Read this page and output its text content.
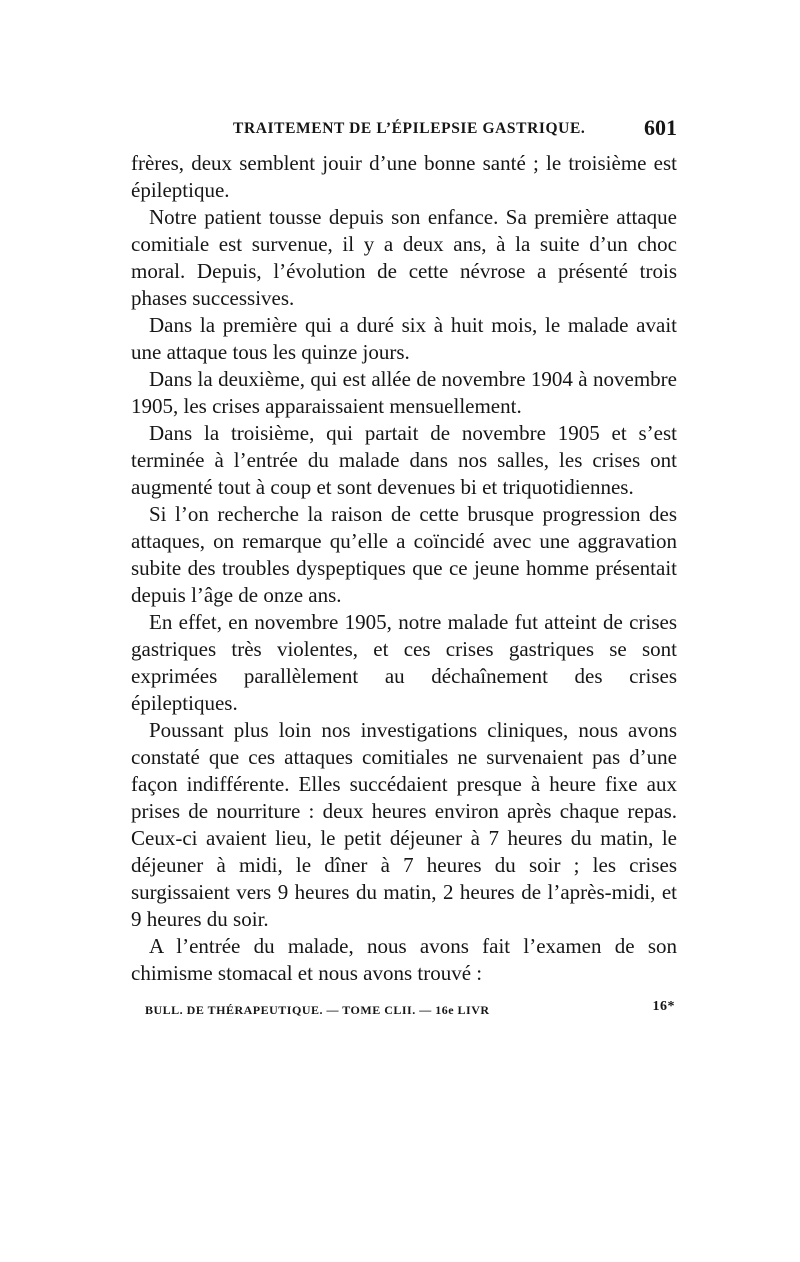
TRAITEMENT DE L’ÉPILEPSIE GASTRIQUE.	601

frères, deux semblent jouir d’une bonne santé ; le troisième est épileptique.

Notre patient tousse depuis son enfance. Sa première attaque comitiale est survenue, il y a deux ans, à la suite d’un choc moral. Depuis, l’évolution de cette névrose a présenté trois phases successives.

Dans la première qui a duré six à huit mois, le malade avait une attaque tous les quinze jours.

Dans la deuxième, qui est allée de novembre 1904 à novembre 1905, les crises apparaissaient mensuellement.

Dans la troisième, qui partait de novembre 1905 et s’est terminée à l’entrée du malade dans nos salles, les crises ont augmenté tout à coup et sont devenues bi et triquotidiennes.

Si l’on recherche la raison de cette brusque progression des attaques, on remarque qu’elle a coïncidé avec une aggravation subite des troubles dyspeptiques que ce jeune homme présentait depuis l’âge de onze ans.

En effet, en novembre 1905, notre malade fut atteint de crises gastriques très violentes, et ces crises gastriques se sont exprimées parallèlement au déchaînement des crises épileptiques.

Poussant plus loin nos investigations cliniques, nous avons constaté que ces attaques comitiales ne survenaient pas d’une façon indifférente. Elles succédaient presque à heure fixe aux prises de nourriture : deux heures environ après chaque repas. Ceux-ci avaient lieu, le petit déjeuner à 7 heures du matin, le déjeuner à midi, le dîner à 7 heures du soir ; les crises surgissaient vers 9 heures du matin, 2 heures de l’après-midi, et 9 heures du soir.

A l’entrée du malade, nous avons fait l’examen de son chimisme stomacal et nous avons trouvé :

BULL. DE THÉRAPEUTIQUE. — TOME CLII. — 16e LIVR	16*
